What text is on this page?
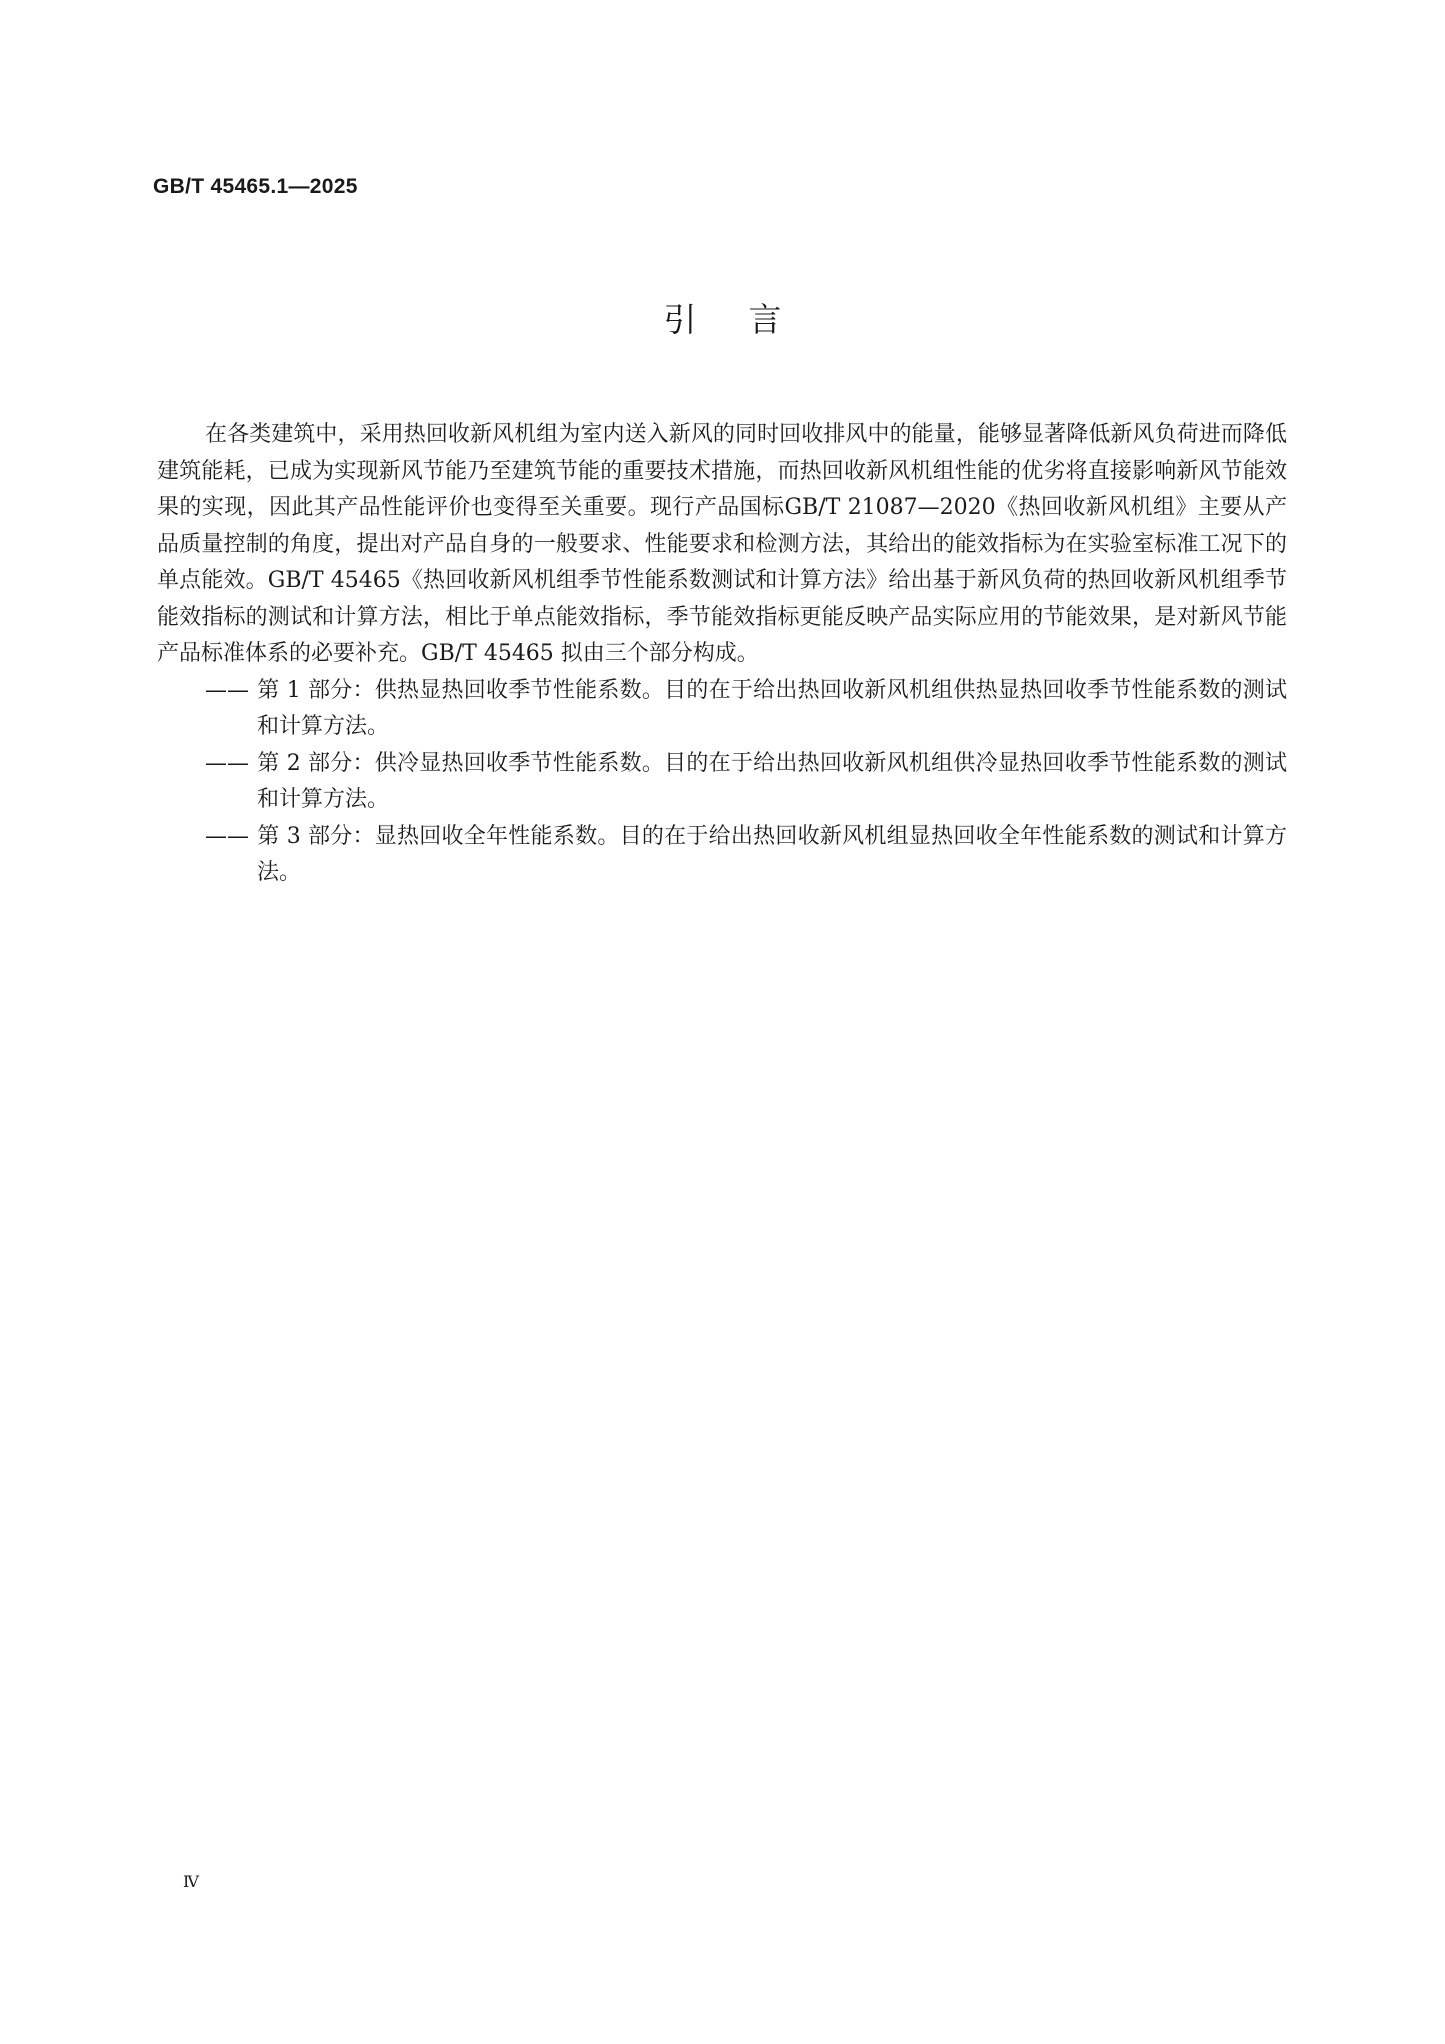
GB/T 45465.1—2025
引言

在各类建筑中，采用热回收新风机组为室内送入新风的同时回收排风中的能量，能够显著降低新风负荷进而降低建筑能耗，已成为实现新风节能乃至建筑节能的重要技术措施，而热回收新风机组性能的优劣将直接影响新风节能效果的实现，因此其产品性能评价也变得至关重要。现行产品国标GB/T 21087—2020《热回收新风机组》主要从产品质量控制的角度，提出对产品自身的一般要求、性能要求和检测方法，其给出的能效指标为在实验室标准工况下的单点能效。GB/T 45465《热回收新风机组季节性能系数测试和计算方法》给出基于新风负荷的热回收新风机组季节能效指标的测试和计算方法，相比于单点能效指标，季节能效指标更能反映产品实际应用的节能效果，是对新风节能产品标准体系的必要补充。GB/T 45465 拟由三个部分构成。

—— 第 1 部分：供热显热回收季节性能系数。目的在于给出热回收新风机组供热显热回收季节性能系数的测试和计算方法。

—— 第 2 部分：供冷显热回收季节性能系数。目的在于给出热回收新风机组供冷显热回收季节性能系数的测试和计算方法。

—— 第 3 部分：显热回收全年性能系数。目的在于给出热回收新风机组显热回收全年性能系数的测试和计算方法。

Ⅳ
